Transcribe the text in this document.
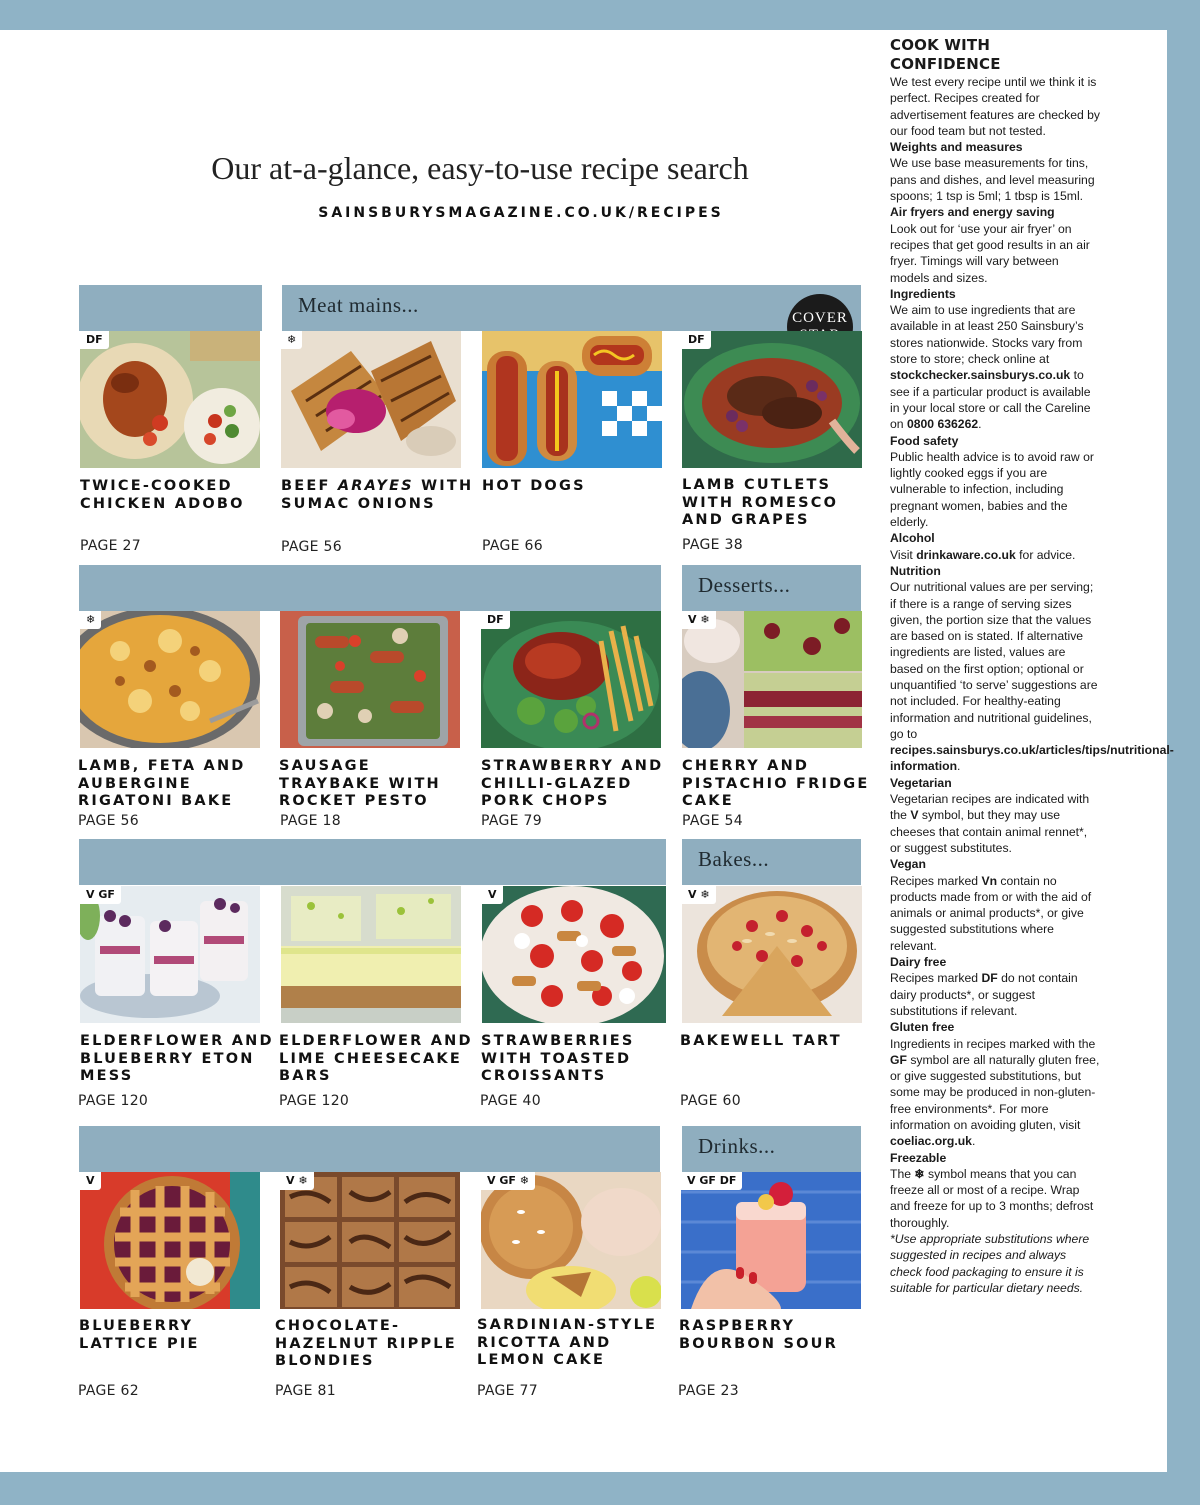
Our at-a-glance, easy-to-use recipe search
SAINSBURYSMAGAZINE.CO.UK/RECIPES
Meat mains...
COVER
Desserts...
Bakes...
Drinks...
DF
TWICE-COOKED CHICKEN ADOBO
PAGE 27
❄
BEEF ARAYES WITH SUMAC ONIONS
PAGE 56
HOT DOGS
PAGE 66
DF
LAMB CUTLETS WITH ROMESCO AND GRAPES
PAGE 38
❄
LAMB, FETA AND AUBERGINE RIGATONI BAKE
PAGE 56
SAUSAGE TRAYBAKE WITH ROCKET PESTO
PAGE 18
DF
STRAWBERRY AND CHILLI-GLAZED PORK CHOPS
PAGE 79
V ❄
CHERRY AND PISTACHIO FRIDGE CAKE
PAGE 54
V GF
ELDERFLOWER AND BLUEBERRY ETON MESS
PAGE 120
ELDERFLOWER AND LIME CHEESECAKE BARS
PAGE 120
V
STRAWBERRIES WITH TOASTED CROISSANTS
PAGE 40
V ❄
BAKEWELL TART
PAGE 60
V
BLUEBERRY LATTICE PIE
PAGE 62
V ❄
CHOCOLATE-HAZELNUT RIPPLE BLONDIES
PAGE 81
V GF ❄
SARDINIAN-STYLE RICOTTA AND LEMON CAKE
PAGE 77
V GF DF
RASPBERRY BOURBON SOUR
PAGE 23
COOK WITH CONFIDENCE

We test every recipe until we think it is perfect. Recipes created for advertisement features are checked by our food team but not tested.

Weights and measures

We use base measurements for tins, pans and dishes, and level measuring spoons; 1 tsp is 5ml; 1 tbsp is 15ml.

Air fryers and energy saving

Look out for ‘use your air fryer’ on recipes that get good results in an air fryer. Timings will vary between models and sizes.

Ingredients

We aim to use ingredients that are available in at least 250 Sainsbury’s stores nationwide. Stocks vary from store to store; check online at stockchecker.sainsburys.co.uk to see if a particular product is available in your local store or call the Careline on 0800 636262.

Food safety

Public health advice is to avoid raw or lightly cooked eggs if you are vulnerable to infection, including pregnant women, babies and the elderly.

Alcohol

Visit drinkaware.co.uk for advice.

Nutrition

Our nutritional values are per serving; if there is a range of serving sizes given, the portion size that the values are based on is stated. If alternative ingredients are listed, values are based on the first option; optional or unquantified ‘to serve’ suggestions are not included. For healthy-eating information and nutritional guidelines, go to recipes.sainsburys.co.uk/articles/tips/nutritional-information.

Vegetarian

Vegetarian recipes are indicated with the V symbol, but they may use cheeses that contain animal rennet*, or suggest substitutes.

Vegan

Recipes marked Vn contain no products made from or with the aid of animals or animal products*, or give suggested substitutions where relevant.

Dairy free

Recipes marked DF do not contain dairy products*, or suggest substitutions if relevant.

Gluten free

Ingredients in recipes marked with the GF symbol are all naturally gluten free, or give suggested substitutions, but some may be produced in non-gluten-free environments*. For more information on avoiding gluten, visit coeliac.org.uk.

Freezable

The ❄ symbol means that you can freeze all or most of a recipe. Wrap and freeze for up to 3 months; defrost thoroughly.

*Use appropriate substitutions where suggested in recipes and always check food packaging to ensure it is suitable for particular dietary needs.
